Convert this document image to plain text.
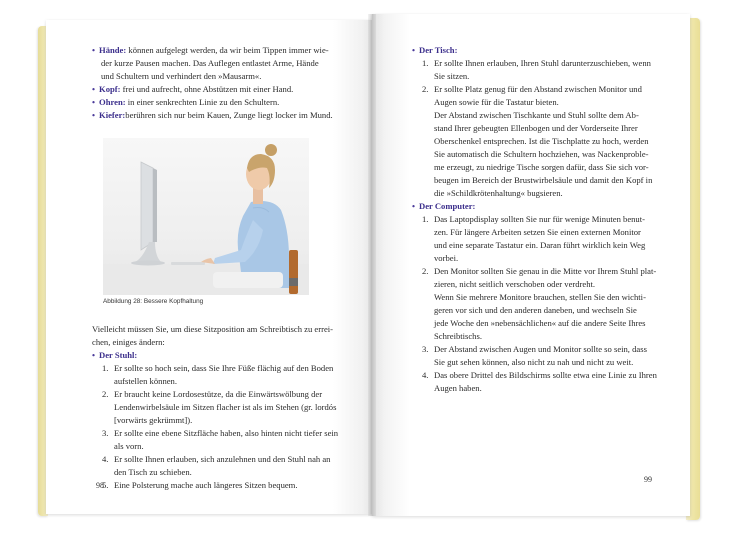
• Hände: können aufgelegt werden, da wir beim Tippen immer wie-
der kurze Pausen machen. Das Auflegen entlastet Arme, Hände
und Schultern und verhindert den »Mausarm«.
• Kopf: frei und aufrecht, ohne Abstützen mit einer Hand.
• Ohren: in einer senkrechten Linie zu den Schultern.
• Kiefer:berühren sich nur beim Kauen, Zunge liegt locker im Mund.
Abbildung 28: Bessere Kopfhaltung
Vielleicht müssen Sie, um diese Sitzposition am Schreibtisch zu errei-
chen, einiges ändern:
• Der Stuhl:
1. Er sollte so hoch sein, dass Sie Ihre Füße flächig auf den Boden
aufstellen können.
2. Er braucht keine Lordosestütze, da die Einwärtswölbung der
Lendenwirbelsäule im Sitzen flacher ist als im Stehen (gr. lordós
[vorwärts gekrümmt]).
3. Er sollte eine ebene Sitzfläche haben, also hinten nicht tiefer sein
als vorn.
4. Er sollte Ihnen erlauben, sich anzulehnen und den Stuhl nah an
den Tisch zu schieben.
5. Eine Polsterung mache auch längeres Sitzen bequem.
98
• Der Tisch:
1. Er sollte Ihnen erlauben, Ihren Stuhl darunterzuschieben, wenn
Sie sitzen.
2. Er sollte Platz genug für den Abstand zwischen Monitor und
Augen sowie für die Tastatur bieten.
Der Abstand zwischen Tischkante und Stuhl sollte dem Ab-
stand Ihrer gebeugten Ellenbogen und der Vorderseite Ihrer
Oberschenkel entsprechen. Ist die Tischplatte zu hoch, werden
Sie automatisch die Schultern hochziehen, was Nackenproble-
me erzeugt, zu niedrige Tische sorgen dafür, dass Sie sich vor-
beugen im Bereich der Brustwirbelsäule und damit den Kopf in
die »Schildkrötenhaltung« bugsieren.
• Der Computer:
1. Das Laptopdisplay sollten Sie nur für wenige Minuten benut-
zen. Für längere Arbeiten setzen Sie einen externen Monitor
und eine separate Tastatur ein. Daran führt wirklich kein Weg
vorbei.
2. Den Monitor sollten Sie genau in die Mitte vor Ihrem Stuhl plat-
zieren, nicht seitlich verschoben oder verdreht.
Wenn Sie mehrere Monitore brauchen, stellen Sie den wichti-
geren vor sich und den anderen daneben, und wechseln Sie
jede Woche den »nebensächlichen« auf die andere Seite Ihres
Schreibtischs.
3. Der Abstand zwischen Augen und Monitor sollte so sein, dass
Sie gut sehen können, also nicht zu nah und nicht zu weit.
4. Das obere Drittel des Bildschirms sollte etwa eine Linie zu Ihren
Augen haben.
99
